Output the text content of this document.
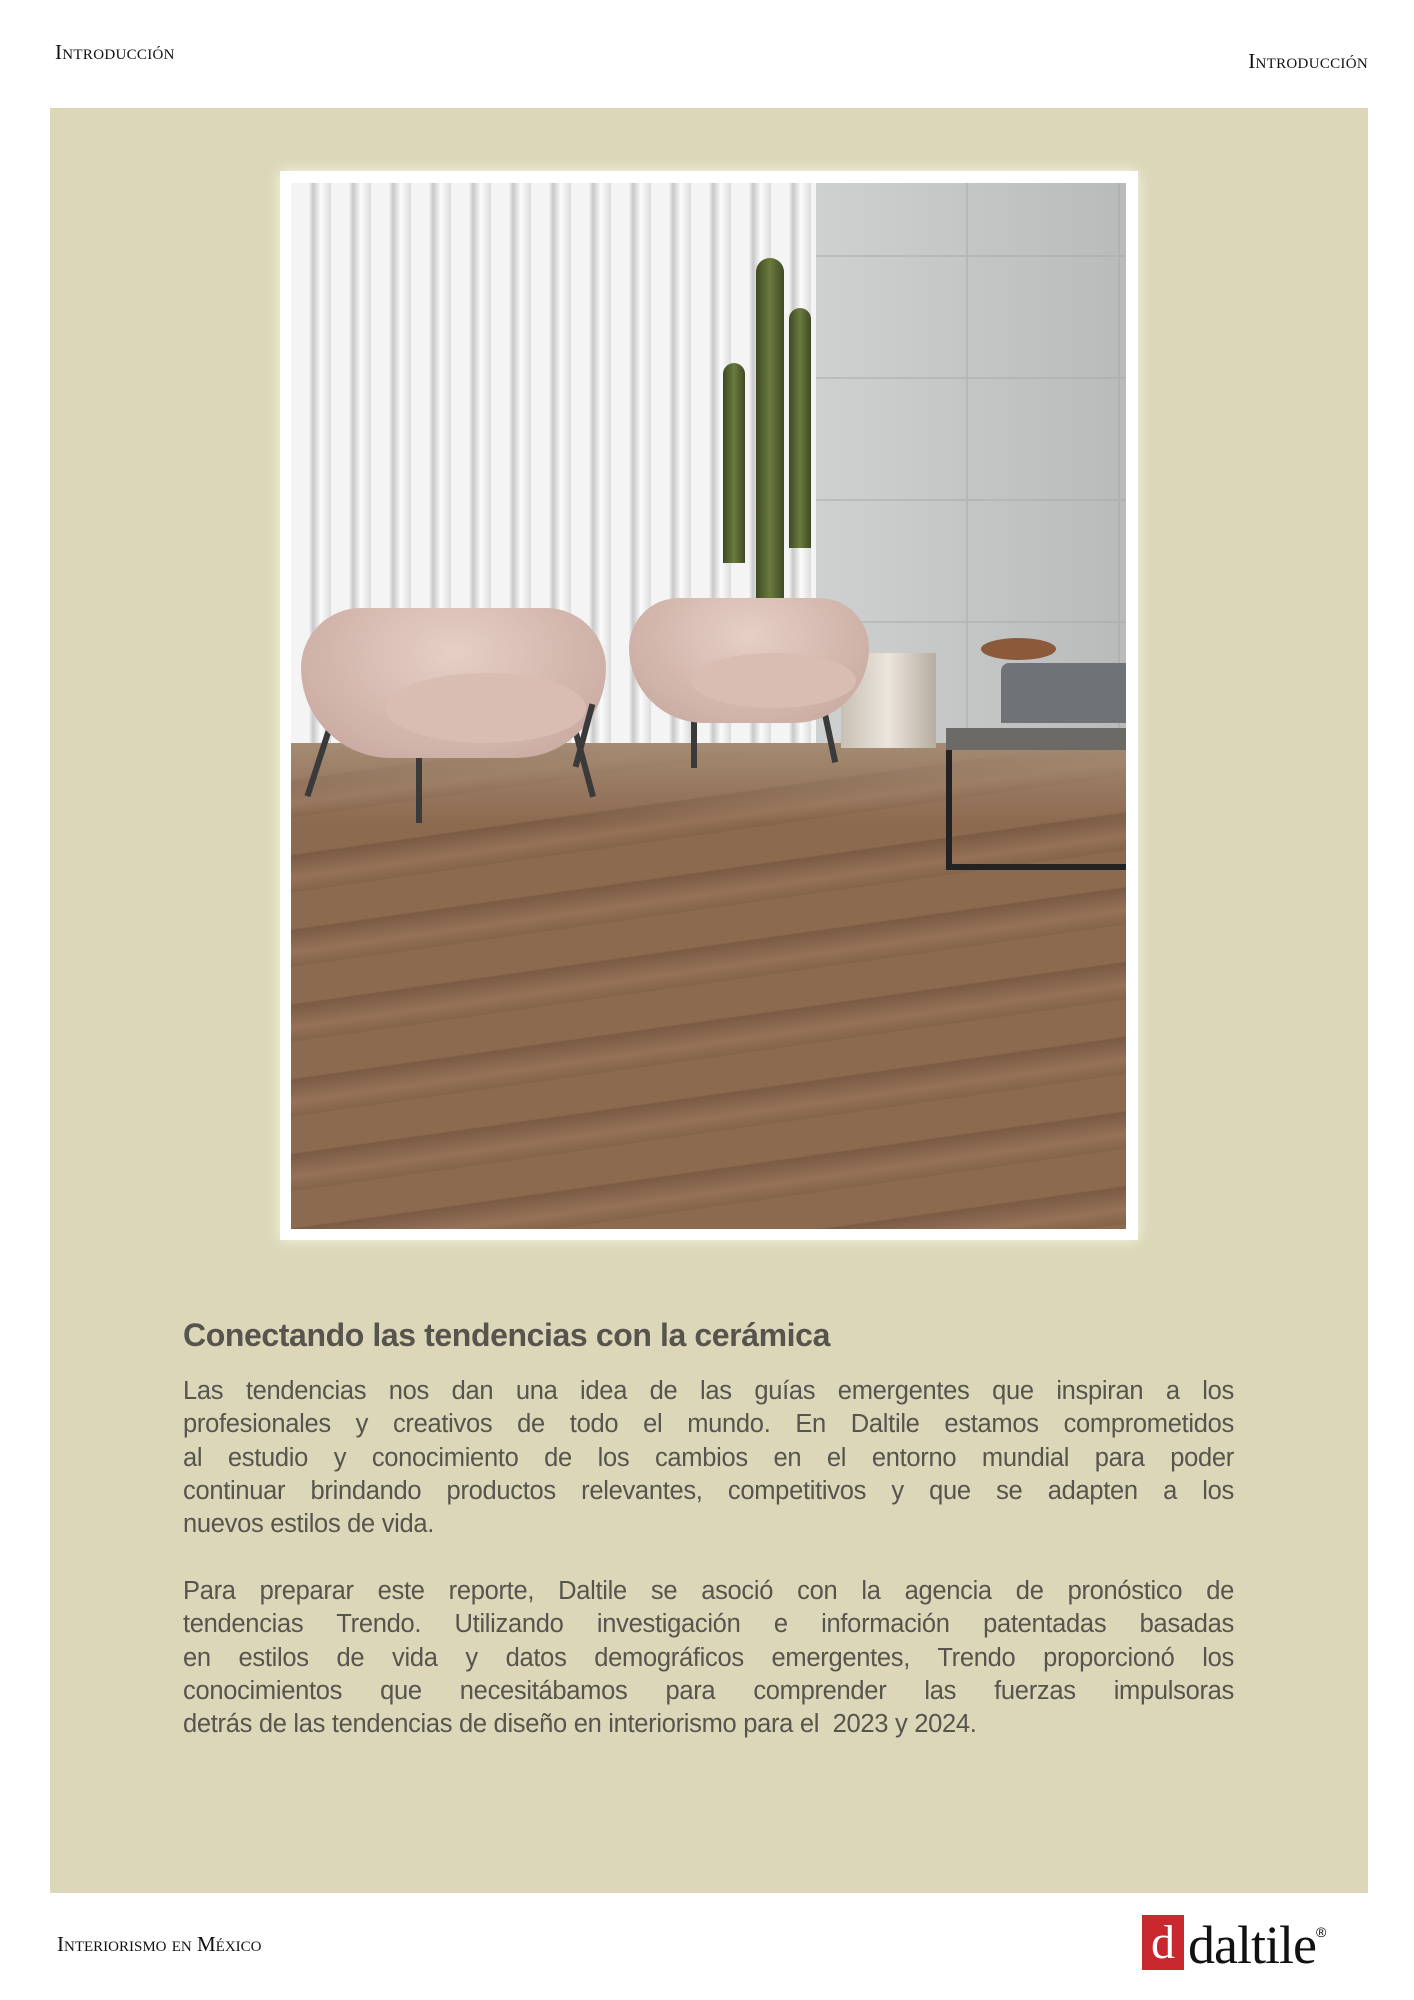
Introducción	Introducción
Conectando las tendencias con la cerámica
Las tendencias nos dan una idea de las guías emergentes que inspiran a los
profesionales y creativos de todo el mundo. En Daltile estamos comprometidos
al estudio y conocimiento de los cambios en el entorno mundial para poder
continuar brindando productos relevantes, competitivos y que se adapten a los
nuevos estilos de vida.
Para preparar este reporte, Daltile se asoció con la agencia de pronóstico de
tendencias Trendo. Utilizando investigación e información patentadas basadas
en estilos de vida y datos demográficos emergentes, Trendo proporcionó los
conocimientos que necesitábamos para comprender las fuerzas impulsoras
detrás de las tendencias de diseño en interiorismo para el  2023 y 2024.
Interiorismo en México	d daltile ®
